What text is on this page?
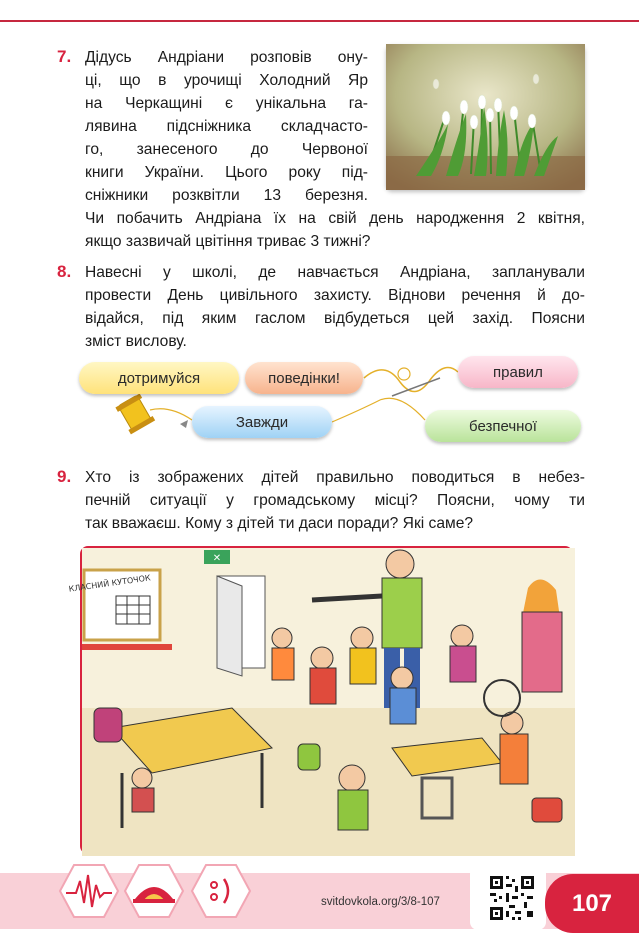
7. Дідусь Андріани розповів ону-

ці, що в урочищі Холодний Яр

на Черкащині є унікальна га-

лявина підсніжника складчасто-

го, занесеного до Червоної

книги України. Цього року під-

сніжники розквітли 13 березня.

Чи побачить Андріана їх на свій день народження 2 квітня,

якщо зазвичай цвітіння триває 3 тижні?

8. Навесні у школі, де навчається Андріана, запланували

провести День цивільного захисту. Віднови речення й до-

відайся, під яким гаслом відбудеться цей захід. Поясни

зміст вислову.

дотримуйся	поведінки!	правил
Завжди	безпечної
9. Хто із зображених дітей правильно поводиться в небез-

печній ситуації у громадському місці? Поясни, чому ти

так вважаєш. Кому з дітей ти даси поради? Які саме?

✕
КЛАСНИЙ КУТОЧОК
svitdovkola.org/3/8-107	107
